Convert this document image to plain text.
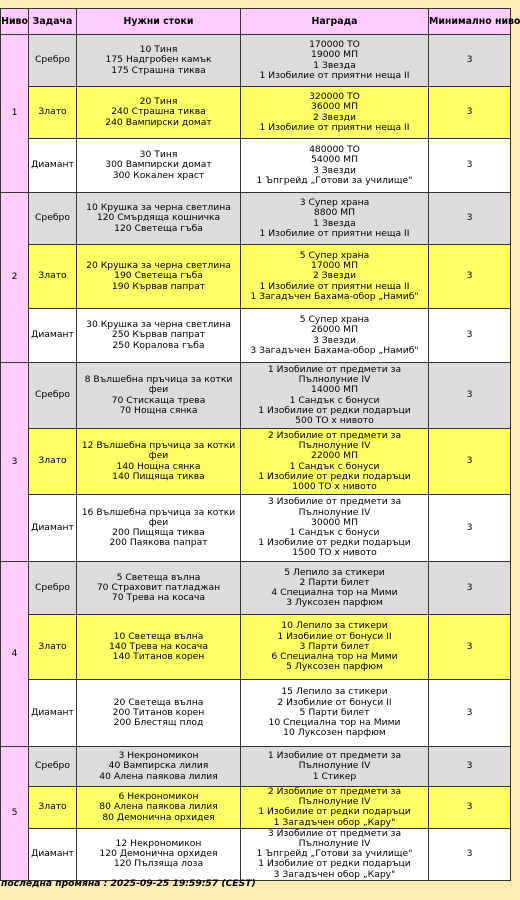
Ниво	Задача	Нужни стоки	Награда	Минимално ниво
1	Сребро	10 Тиня
175 Надгробен камък
175 Страшна тиква	170000 ТО
19000 МП
1 Звезда
1 Изобилие от приятни неща II	3
	Злато	20 Тиня
240 Страшна тиква
240 Вампирски домат	320000 ТО
36000 МП
2 Звезди
1 Изобилие от приятни неща II	3
	Диамант	30 Тиня
300 Вампирски домат
300 Кокален храст	480000 ТО
54000 МП
3 Звезди
1 Ъпгрейд „Готови за училище"	3
2	Сребро	10 Крушка за черна светлина
120 Смърдяща кошничка
120 Светеща гъба	3 Супер храна
8800 МП
1 Звезда
1 Изобилие от приятни неща II	3
	Злато	20 Крушка за черна светлина
190 Светеща гъба
190 Кървав папрат	5 Супер храна
17000 МП
2 Звезди
1 Изобилие от приятни неща II
1 Загадъчен Бахама-обор „Намиб"	3
	Диамант	30 Крушка за черна светлина
250 Кървав папрат
250 Коралова гъба	5 Супер храна
26000 МП
3 Звезди
3 Загадъчен Бахама-обор „Намиб"	3
3	Сребро	8 Вълшебна пръчица за котки феи
70 Стискаща трева
70 Нощна сянка	1 Изобилие от предмети за Пълнолуние IV
14000 МП
1 Сандък с бонуси
1 Изобилие от редки подаръци
500 ТО х нивото	3
	Злато	12 Вълшебна пръчица за котки феи
140 Нощна сянка
140 Пищяща тиква	2 Изобилие от предмети за Пълнолуние IV
22000 МП
1 Сандък с бонуси
1 Изобилие от редки подаръци
1000 ТО х нивото	3
	Диамант	16 Вълшебна пръчица за котки феи
200 Пищяща тиква
200 Паякова папрат	3 Изобилие от предмети за Пълнолуние IV
30000 МП
1 Сандък с бонуси
1 Изобилие от редки подаръци
1500 ТО х нивото	3
4	Сребро	5 Светеща вълна
70 Страховит патладжан
70 Трева на косача	5 Лепило за стикери
2 Парти билет
4 Специална тор на Мими
3 Луксозен парфюм	3
	Злато	10 Светеща вълна
140 Трева на косача
140 Титанов корен	10 Лепило за стикери
1 Изобилие от бонуси II
3 Парти билет
6 Специална тор на Мими
5 Луксозен парфюм	3
	Диамант	20 Светеща вълна
200 Титанов корен
200 Блестящ плод	15 Лепило за стикери
2 Изобилие от бонуси II
5 Парти билет
10 Специална тор на Мими
10 Луксозен парфюм	3
5	Сребро	3 Некрономикон
40 Вампирска лилия
40 Алена паякова лилия	1 Изобилие от предмети за Пълнолуние IV
1 Стикер	3
	Злато	6 Некрономикон
80 Алена паякова лилия
80 Демонична орхидея	2 Изобилие от предмети за Пълнолуние IV
1 Изобилие от редки подаръци
1 Загадъчен обор „Кару"	3
	Диамант	12 Некрономикон
120 Демонична орхидея
120 Пълзяща лоза	3 Изобилие от предмети за Пълнолуние IV
1 Ъпгрейд „Готови за училище"
1 Изобилие от редки подаръци
3 Загадъчен обор „Кару"	3
последна промяна : 2025-09-25 19:59:57 (CEST)
